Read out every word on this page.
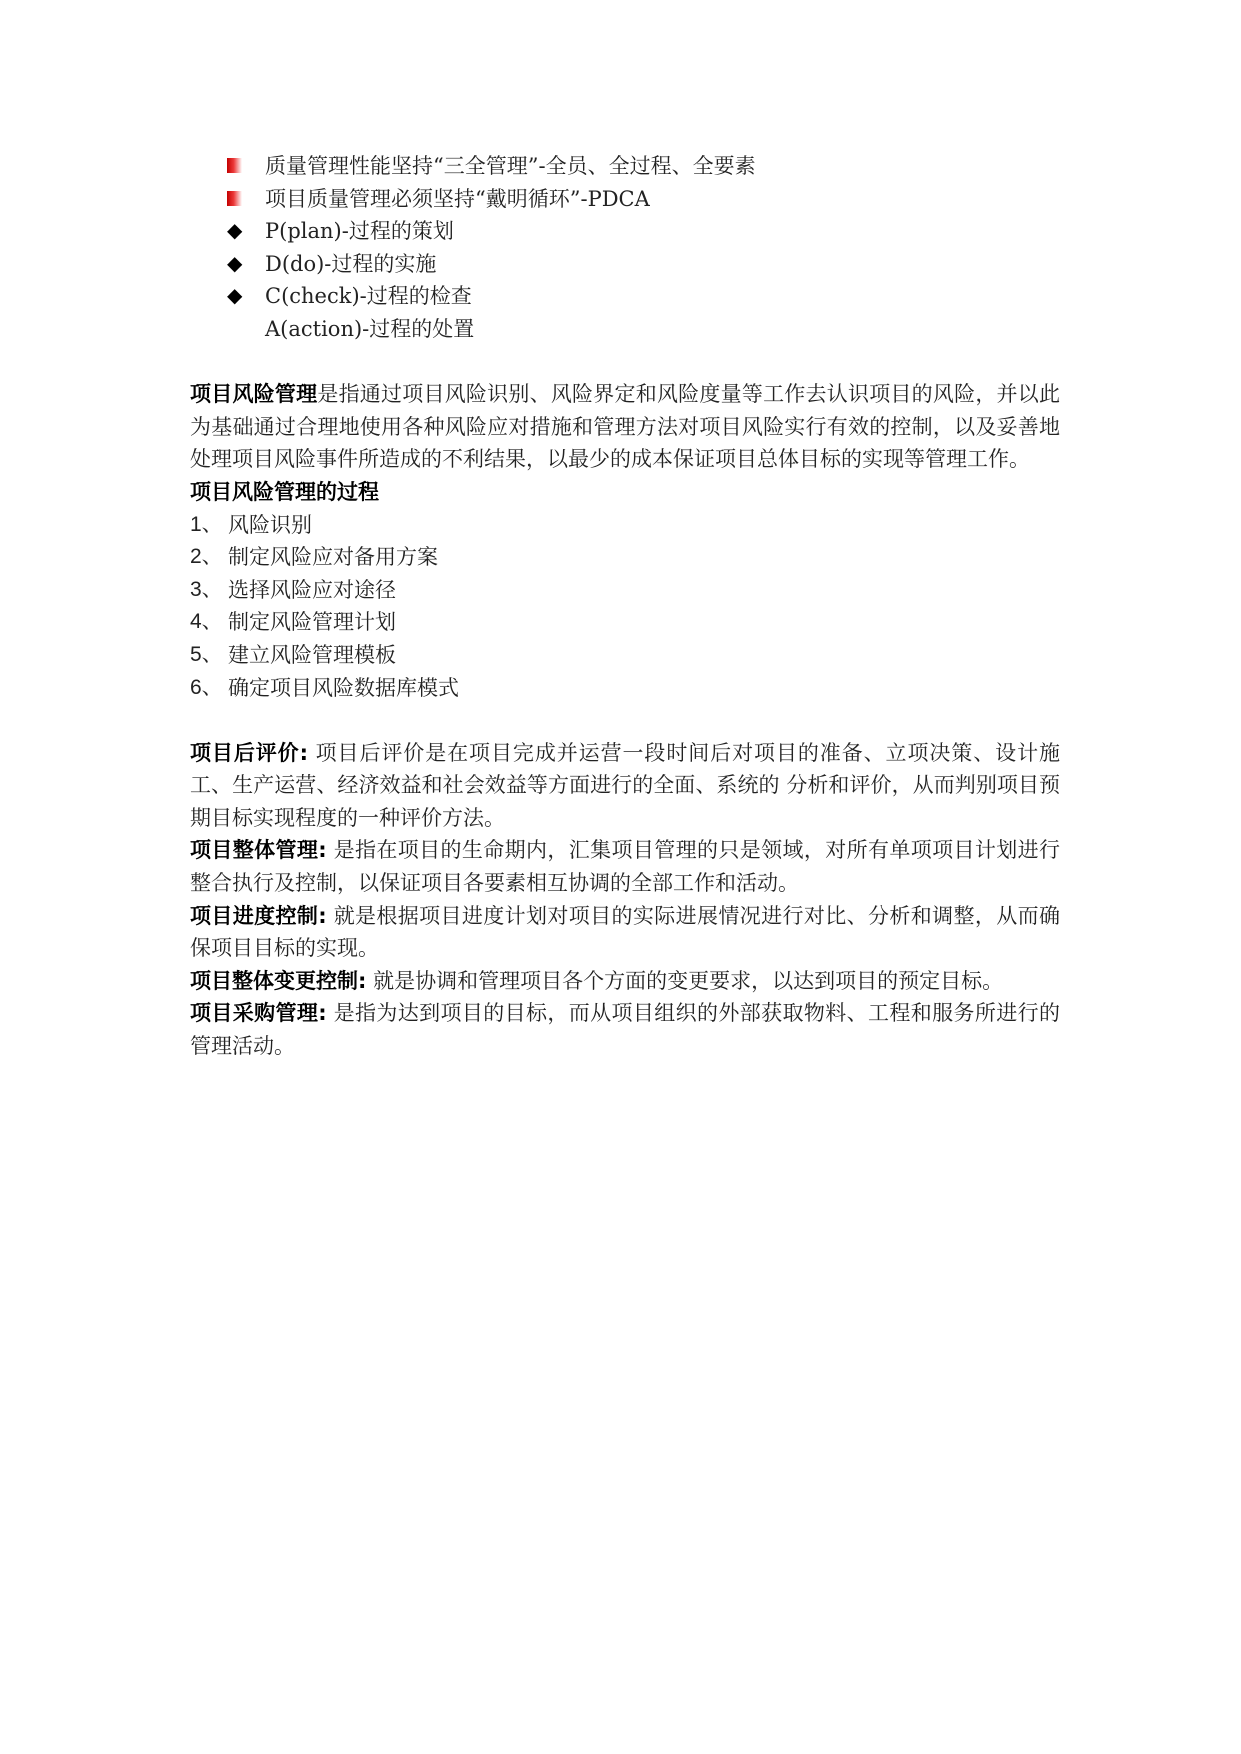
质量管理性能坚持“三全管理”-全员、全过程、全要素
项目质量管理必须坚持“戴明循环”-PDCA
◆
P(plan)-过程的策划
◆
D(do)-过程的实施
◆
C(check)-过程的检查
A(action)-过程的处置
项目风险管理是指通过项目风险识别、风险界定和风险度量等工作去认识项目的风险，并以此为基础通过合理地使用各种风险应对措施和管理方法对项目风险实行有效的控制，以及妥善地处理项目风险事件所造成的不利结果，以最少的成本保证项目总体目标的实现等管理工作。
项目风险管理的过程
1、 风险识别
2、 制定风险应对备用方案
3、 选择风险应对途径
4、 制定风险管理计划
5、 建立风险管理模板
6、 确定项目风险数据库模式
项目后评价: 项目后评价是在项目完成并运营一段时间后对项目的准备、立项决策、设计施工、生产运营、经济效益和社会效益等方面进行的全面、系统的 分析和评价，从而判别项目预期目标实现程度的一种评价方法。
项目整体管理: 是指在项目的生命期内，汇集项目管理的只是领域，对所有单项项目计划进行整合执行及控制，以保证项目各要素相互协调的全部工作和活动。
项目进度控制: 就是根据项目进度计划对项目的实际进展情况进行对比、分析和调整，从而确保项目目标的实现。
项目整体变更控制: 就是协调和管理项目各个方面的变更要求，以达到项目的预定目标。
项目采购管理: 是指为达到项目的目标，而从项目组织的外部获取物料、工程和服务所进行的管理活动。
